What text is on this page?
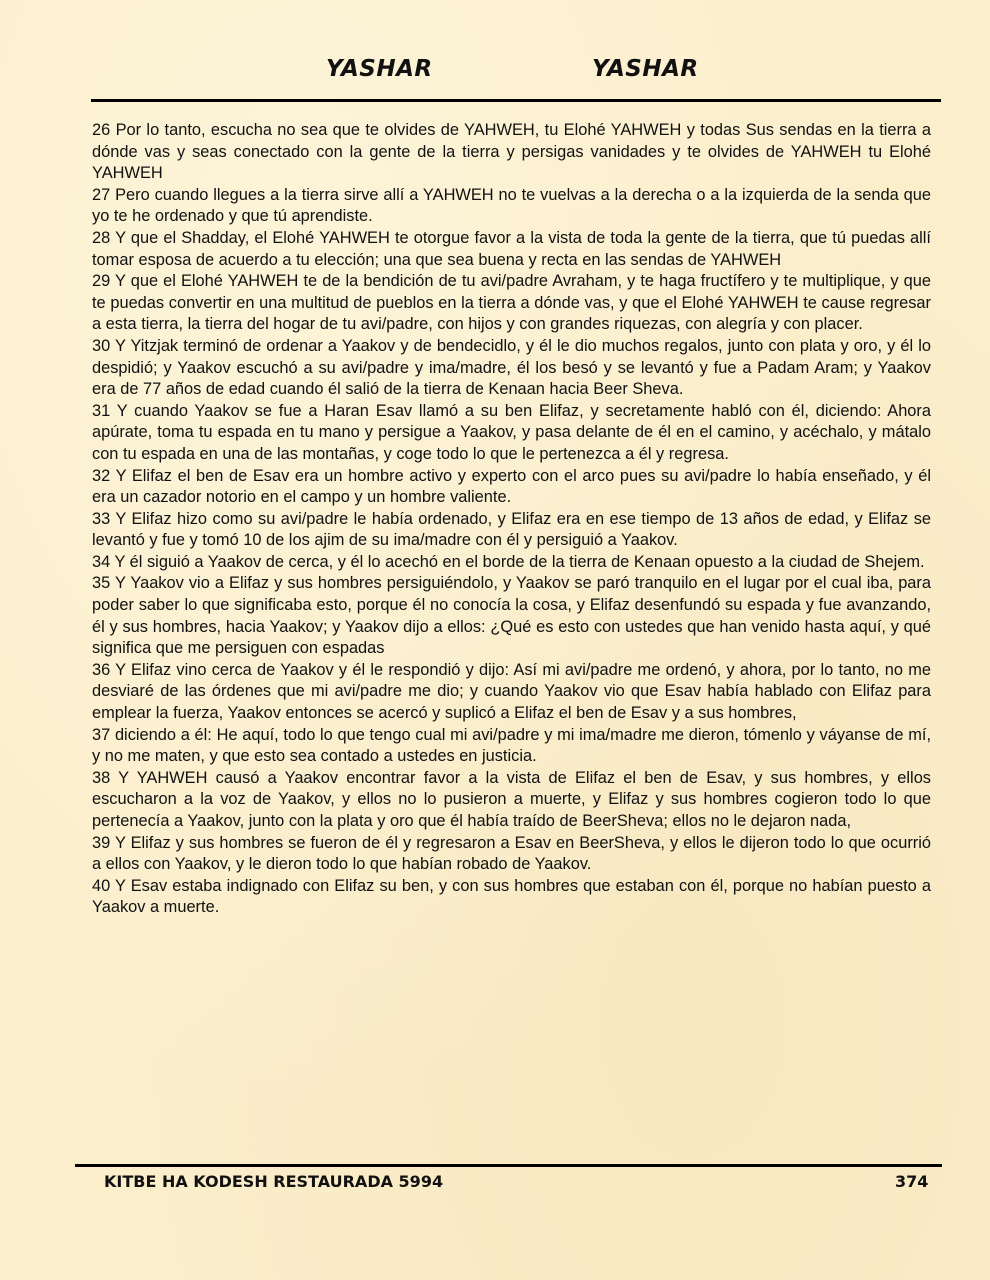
YASHAR	YASHAR

26 Por lo tanto, escucha no sea que te olvides de YAHWEH, tu Elohé YAHWEH y todas Sus sendas en la tierra a dónde vas y seas conectado con la gente de la tierra y persigas vanidades y te olvides de YAHWEH tu Elohé YAHWEH

27 Pero cuando llegues a la tierra sirve allí a YAHWEH no te vuelvas a la derecha o a la izquierda de la senda que yo te he ordenado y que tú aprendiste.

28 Y que el Shadday, el Elohé YAHWEH te otorgue favor a la vista de toda la gente de la tierra, que tú puedas allí tomar esposa de acuerdo a tu elección; una que sea buena y recta en las sendas de YAHWEH

29 Y que el Elohé YAHWEH te de la bendición de tu avi/padre Avraham, y te haga fructífero y te multiplique, y que te puedas convertir en una multitud de pueblos en la tierra a dónde vas, y que el Elohé YAHWEH te cause regresar a esta tierra, la tierra del hogar de tu avi/padre, con hijos y con grandes riquezas, con alegría y con placer.

30 Y Yitzjak terminó de ordenar a Yaakov y de bendecidlo, y él le dio muchos regalos, junto con plata y oro, y él lo despidió; y Yaakov escuchó a su avi/padre y ima/madre, él los besó y se levantó y fue a Padam Aram; y Yaakov era de 77 años de edad cuando él salió de la tierra de Kenaan hacia Beer Sheva.

31 Y cuando Yaakov se fue a Haran Esav llamó a su ben Elifaz, y secretamente habló con él, diciendo: Ahora apúrate, toma tu espada en tu mano y persigue a Yaakov, y pasa delante de él en el camino, y acéchalo, y mátalo con tu espada en una de las montañas, y coge todo lo que le pertenezca a él y regresa.

32 Y Elifaz el ben de Esav era un hombre activo y experto con el arco pues su avi/padre lo había enseñado, y él era un cazador notorio en el campo y un hombre valiente.

33 Y Elifaz hizo como su avi/padre le había ordenado, y Elifaz era en ese tiempo de 13 años de edad, y Elifaz se levantó y fue y tomó 10 de los ajim de su ima/madre con él y persiguió a Yaakov.

34 Y él siguió a Yaakov de cerca, y él lo acechó en el borde de la tierra de Kenaan opuesto a la ciudad de Shejem.

35 Y Yaakov vio a Elifaz y sus hombres persiguiéndolo, y Yaakov se paró tranquilo en el lugar por el cual iba, para poder saber lo que significaba esto, porque él no conocía la cosa, y Elifaz desenfundó su espada y fue avanzando, él y sus hombres, hacia Yaakov; y Yaakov dijo a ellos: ¿Qué es esto con ustedes que han venido hasta aquí, y qué significa que me persiguen con espadas

36 Y Elifaz vino cerca de Yaakov y él le respondió y dijo: Así mi avi/padre me ordenó, y ahora, por lo tanto, no me desviaré de las órdenes que mi avi/padre me dio; y cuando Yaakov vio que Esav había hablado con Elifaz para emplear la fuerza, Yaakov entonces se acercó y suplicó a Elifaz el ben de Esav y a sus hombres,

37 diciendo a él: He aquí, todo lo que tengo cual mi avi/padre y mi ima/madre me dieron, tómenlo y váyanse de mí, y no me maten, y que esto sea contado a ustedes en justicia.

38 Y YAHWEH causó a Yaakov encontrar favor a la vista de Elifaz el ben de Esav, y sus hombres, y ellos escucharon a la voz de Yaakov, y ellos no lo pusieron a muerte, y Elifaz y sus hombres cogieron todo lo que pertenecía a Yaakov, junto con la plata y oro que él había traído de BeerSheva; ellos no le dejaron nada,

39 Y Elifaz y sus hombres se fueron de él y regresaron a Esav en BeerSheva, y ellos le dijeron todo lo que ocurrió a ellos con Yaakov, y le dieron todo lo que habían robado de Yaakov.

40 Y Esav estaba indignado con Elifaz su ben, y con sus hombres que estaban con él, porque no habían puesto a Yaakov a muerte.

KITBE HA KODESH RESTAURADA 5994	374
